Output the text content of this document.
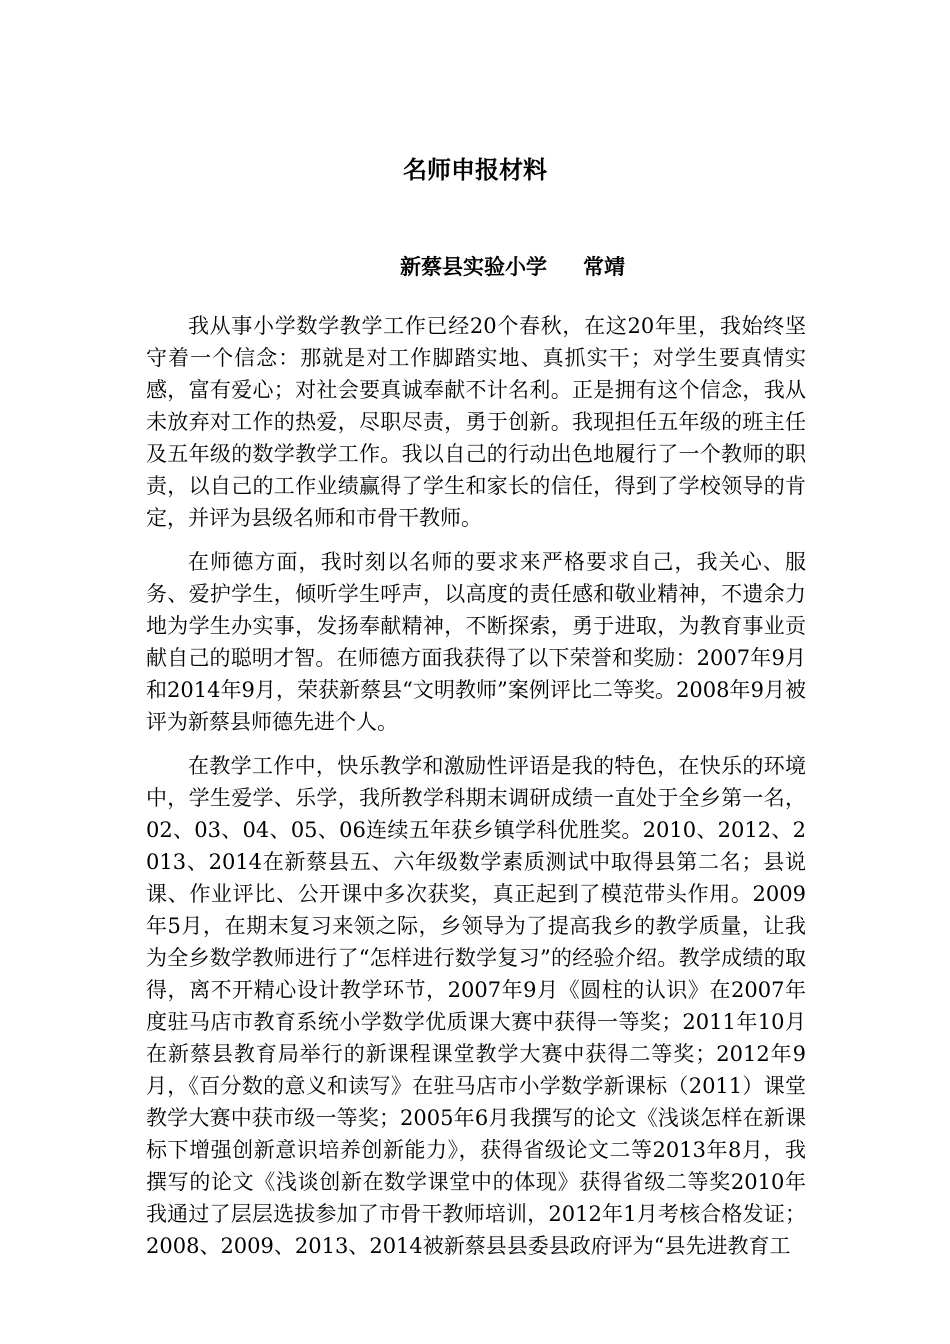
名师申报材料
新蔡县实验小学 常靖

我从事小学数学教学工作已经20个春秋，在这20年里，我始终坚守着一个信念：那就是对工作脚踏实地、真抓实干；对学生要真情实感，富有爱心；对社会要真诚奉献不计名利。正是拥有这个信念，我从未放弃对工作的热爱，尽职尽责，勇于创新。我现担任五年级的班主任及五年级的数学教学工作。我以自己的行动出色地履行了一个教师的职责，以自己的工作业绩赢得了学生和家长的信任，得到了学校领导的肯定，并评为县级名师和市骨干教师。

在师德方面，我时刻以名师的要求来严格要求自己，我关心、服务、爱护学生，倾听学生呼声，以高度的责任感和敬业精神，不遗余力地为学生办实事，发扬奉献精神，不断探索，勇于进取，为教育事业贡献自己的聪明才智。在师德方面我获得了以下荣誉和奖励：2007年9月和2014年9月，荣获新蔡县“文明教师”案例评比二等奖。2008年9月被评为新蔡县师德先进个人。

在教学工作中，快乐教学和激励性评语是我的特色，在快乐的环境中，学生爱学、乐学，我所教学科期末调研成绩一直处于全乡第一名，02、03、04、05、06连续五年获乡镇学科优胜奖。2010、2012、2013、2014在新蔡县五、六年级数学素质测试中取得县第二名；县说课、作业评比、公开课中多次获奖，真正起到了模范带头作用。2009年5月，在期末复习来领之际，乡领导为了提高我乡的教学质量，让我为全乡数学教师进行了“怎样进行数学复习”的经验介绍。教学成绩的取得，离不开精心设计教学环节，2007年9月《圆柱的认识》在2007年度驻马店市教育系统小学数学优质课大赛中获得一等奖；2011年10月在新蔡县教育局举行的新课程课堂教学大赛中获得二等奖；2012年9月，《百分数的意义和读写》在驻马店市小学数学新课标（2011）课堂教学大赛中获市级一等奖；2005年6月我撰写的论文《浅谈怎样在新课标下增强创新意识培养创新能力》，获得省级论文二等2013年8月，我撰写的论文《浅谈创新在数学课堂中的体现》获得省级二等奖2010年我通过了层层选拔参加了市骨干教师培训，2012年1月考核合格发证；2008、2009、2013、2014被新蔡县县委县政府评为“县先进教育工
